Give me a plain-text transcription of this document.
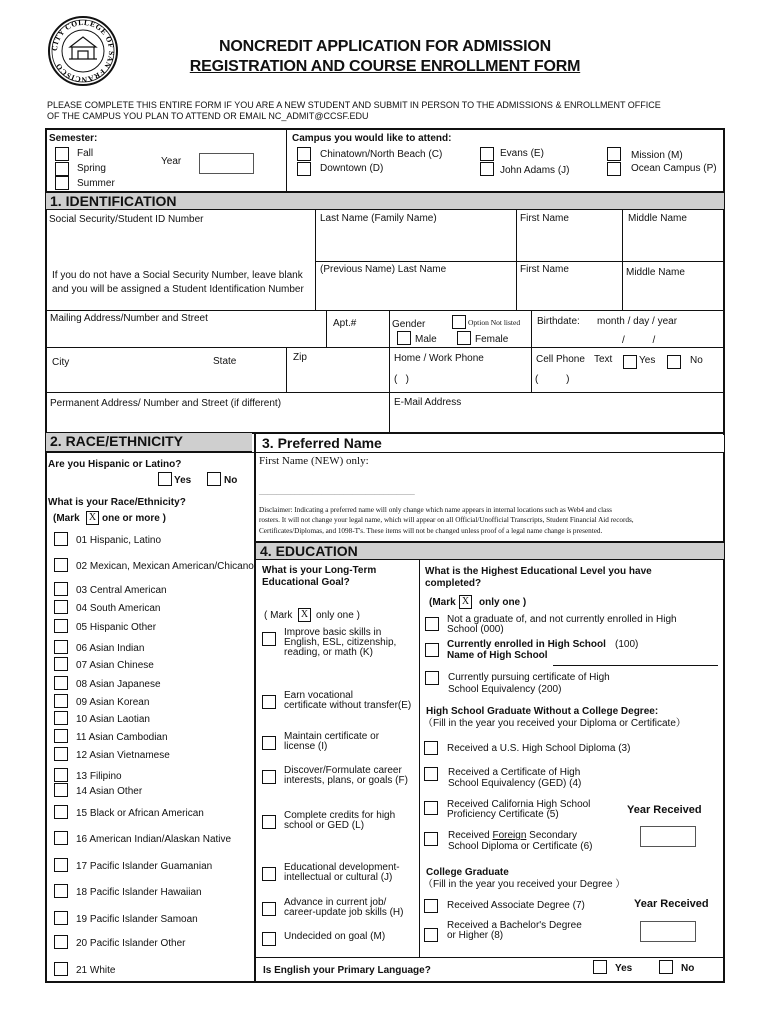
CITY COLLEGE OF SAN FRANCISCO
NONCREDIT APPLICATION FOR ADMISSION
REGISTRATION AND COURSE ENROLLMENT FORM
PLEASE COMPLETE THIS ENTIRE FORM IF YOU ARE A NEW STUDENT AND SUBMIT IN PERSON TO THE ADMISSIONS & ENROLLMENT OFFICE
OF THE CAMPUS YOU PLAN TO ATTEND OR EMAIL NC_ADMIT@CCSF.EDU
Semester:
Fall
Spring
Summer
Year
Campus you would like to attend:
Chinatown/North Beach (C)
Downtown (D)
Evans (E)
John Adams (J)
Mission (M)
Ocean Campus (P)
1. IDENTIFICATION
Social Security/Student ID Number
If you do not have a Social Security Number, leave blank
and you will be assigned a Student Identification Number
Last Name (Family Name)	First Name	Middle Name
(Previous Name) Last Name	First Name	Middle Name
Mailing Address/Number and Street	Apt.#	Gender	Option Not listed
Male	Female
Birthdate: month / day / year
/          /
City	State	Zip	Home / Work Phone
(   )
Cell Phone Text	Yes	No
(          )
Permanent Address/ Number and Street (if different)	E-Mail Address
2. RACE/ETHNICITY	3. Preferred Name
Are you Hispanic or Latino?
Yes	No
What is your Race/Ethnicity?
(Mark X one or more )
01 Hispanic, Latino
02 Mexican, Mexican American/Chicano
03 Central American
04 South American
05 Hispanic Other
06 Asian Indian
07 Asian Chinese
08 Asian Japanese
09 Asian Korean
10 Asian Laotian
11 Asian Cambodian
12 Asian Vietnamese
13 Filipino
14 Asian Other
15 Black or African American
16 American Indian/Alaskan Native
17 Pacific Islander Guamanian
18 Pacific Islander Hawaiian
19 Pacific Islander Samoan
20 Pacific Islander Other
21 White
First Name (NEW) only:
___________________________________
Disclaimer: Indicating a preferred name will only change which name appears in internal locations such as Web4 and class
rosters. It will not change your legal name, which will appear on all Official/Unofficial Transcripts, Student Financial Aid records,
Certificates/Diplomas, and 1098-T's. These items will not be changed unless proof of a legal name change is presented.
4. EDUCATION
What is your Long-Term
Educational Goal?
( Mark X only one )
Improve basic skills in
English, ESL, citizenship,
reading, or math (K)
Earn vocational
certificate without transfer(E)
Maintain certificate or
license (I)
Discover/Formulate career
interests, plans, or goals (F)
Complete credits for high
school or GED (L)
Educational development-
intellectual or cultural (J)
Advance in current job/
career-update job skills (H)
Undecided on goal (M)
What is the Highest Educational Level you have
completed?
(Mark X only one )
Not a graduate of, and not currently enrolled in High
School (000)
Currently enrolled in High School (100)
Name of High School
Currently pursuing certificate of High
School Equivalency (200)
High School Graduate Without a College Degree:
（Fill in the year you received your Diploma or Certificate）
Received a U.S. High School Diploma (3)
Received a Certificate of High
School Equivalency (GED) (4)
Received California High School
Proficiency Certificate (5)	Year Received
Received Foreign Secondary
School Diploma or Certificate (6)
College Graduate
（Fill in the year you received your Degree ）
Received Associate Degree (7)	Year Received
Received a Bachelor's Degree
or Higher (8)
Is English your Primary Language?	Yes	No
